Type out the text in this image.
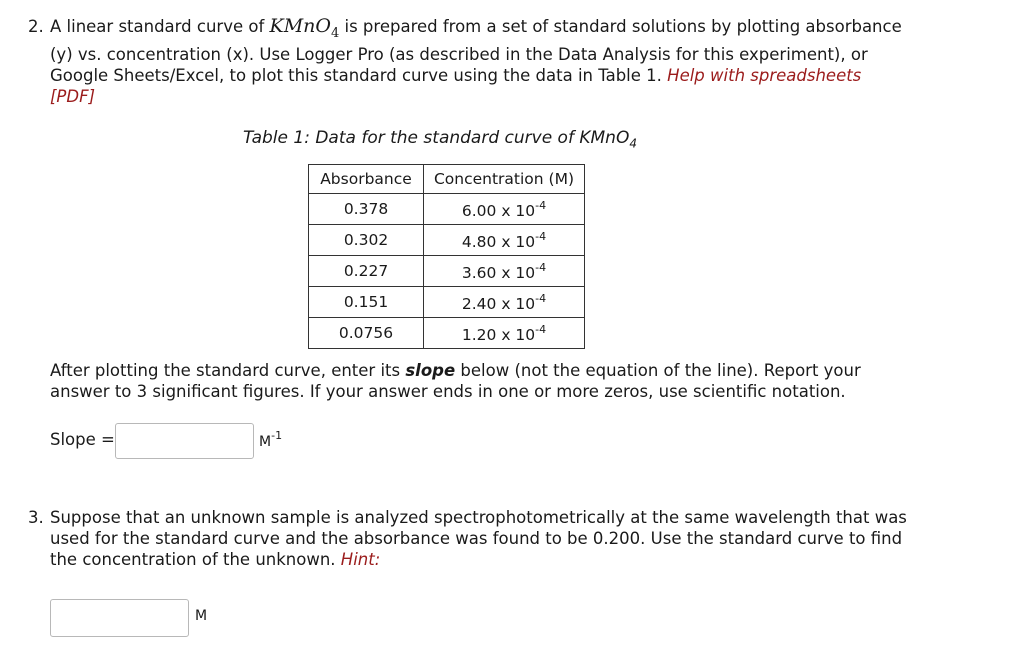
2. A linear standard curve of KMnO$_4$ is prepared from a set of standard solutions by plotting absorbance (y) vs. concentration (x). Use Logger Pro (as described in the Data Analysis for this experiment), or Google Sheets/Excel, to plot this standard curve using the data in Table 1. Help with spreadsheets [PDF]
Table 1: Data for the standard curve of KMnO$_4$
Absorbance	Concentration (M)
0.378	6.00 x $10^{-4}$
0.302	4.80 x $10^{-4}$
0.227	3.60 x $10^{-4}$
0.151	2.40 x $10^{-4}$
0.0756	1.20 x $10^{-4}$
After plotting the standard curve, enter its slope below (not the equation of the line). Report your answer to 3 significant figures. If your answer ends in one or more zeros, use scientific notation.
Slope =	$M^{-1}$
3. Suppose that an unknown sample is analyzed spectrophotometrically at the same wavelength that was used for the standard curve and the absorbance was found to be 0.200. Use the standard curve to find the concentration of the unknown. Hint:
M
